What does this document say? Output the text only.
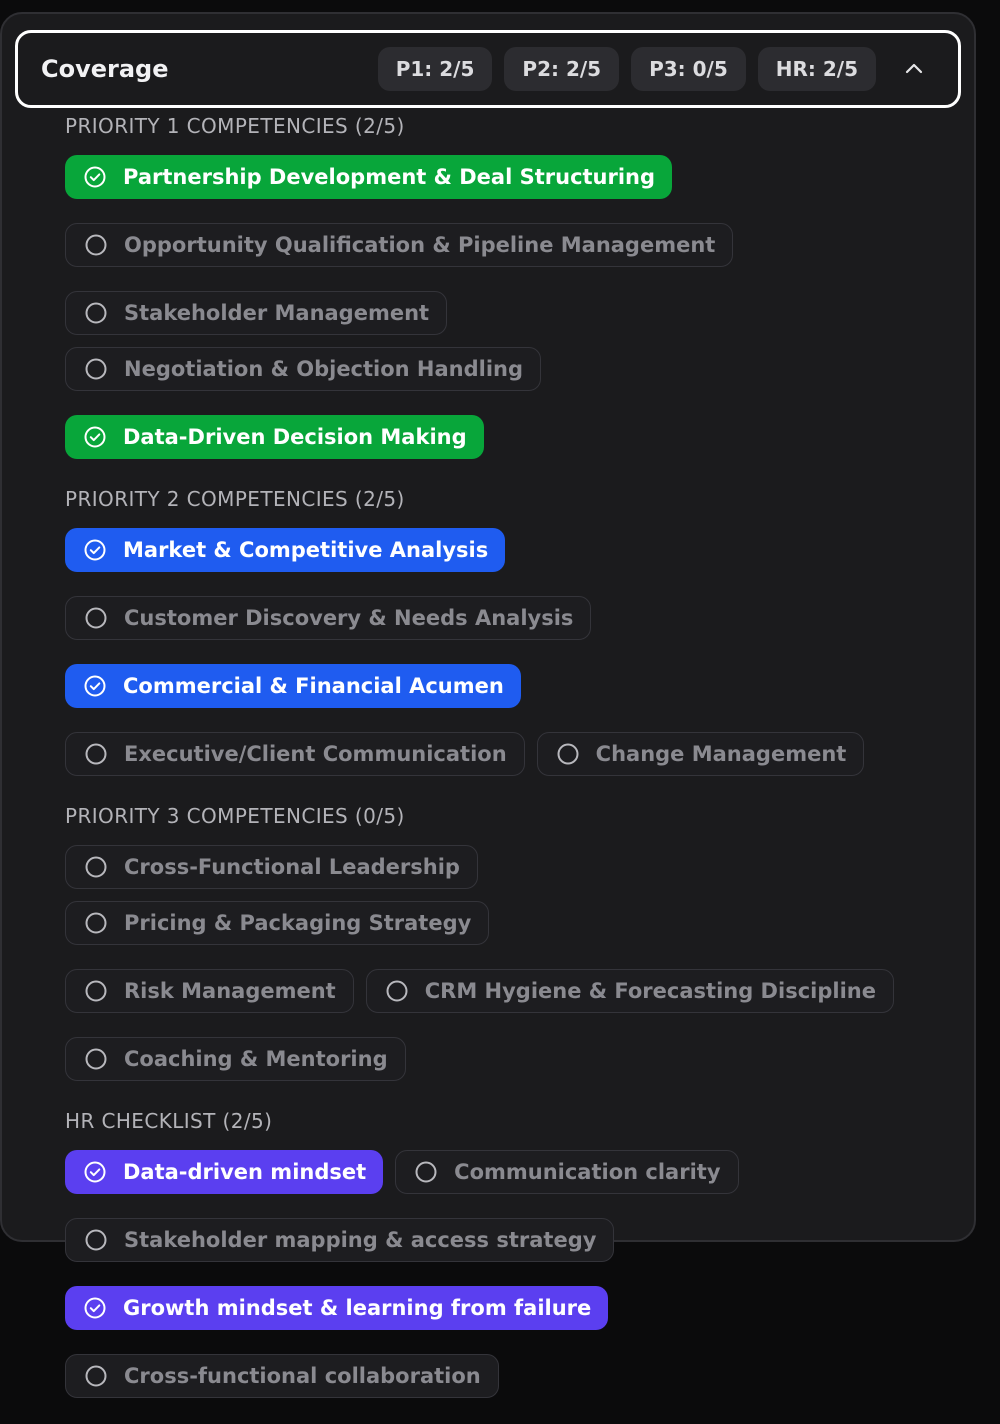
Coverage	P1: 2/5	P2: 2/5	P3: 0/5	HR: 2/5
PRIORITY 1 COMPETENCIES (2/5)
Partnership Development & Deal Structuring
Opportunity Qualification & Pipeline Management
Stakeholder Management
Negotiation & Objection Handling
Data-Driven Decision Making
PRIORITY 2 COMPETENCIES (2/5)
Market & Competitive Analysis
Customer Discovery & Needs Analysis
Commercial & Financial Acumen
Executive/Client Communication	Change Management
PRIORITY 3 COMPETENCIES (0/5)
Cross-Functional Leadership
Pricing & Packaging Strategy
Risk Management	CRM Hygiene & Forecasting Discipline
Coaching & Mentoring
HR CHECKLIST (2/5)
Data-driven mindset	Communication clarity
Stakeholder mapping & access strategy
Growth mindset & learning from failure
Cross-functional collaboration
